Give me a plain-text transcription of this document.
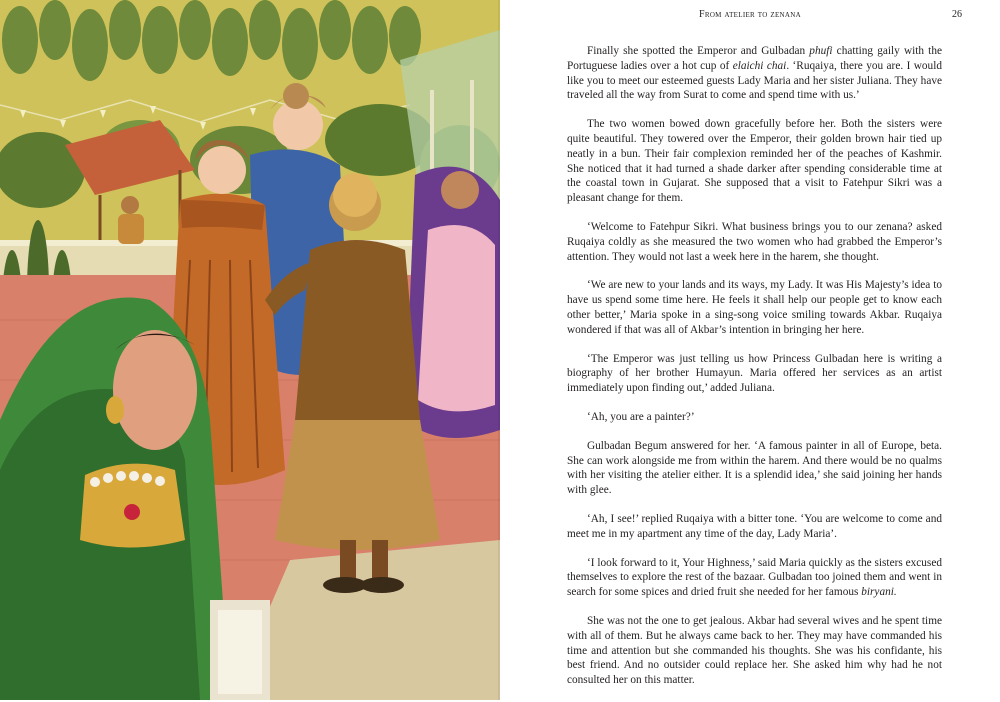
From atelier to zenana	26

Finally she spotted the Emperor and Gulbadan phufi chatting gaily with the Portuguese ladies over a hot cup of elaichi chai. ‘Ruqaiya, there you are. I would like you to meet our esteemed guests Lady Maria and her sister Juliana. They have traveled all the way from Surat to come and spend time with us.’

The two women bowed down gracefully before her. Both the sisters were quite beautiful. They towered over the Emperor, their golden brown hair tied up neatly in a bun. Their fair complexion reminded her of the peaches of Kashmir. She noticed that it had turned a shade darker after spending considerable time at the coastal town in Gujarat. She supposed that a visit to Fatehpur Sikri was a pleasant change for them.

‘Welcome to Fatehpur Sikri. What business brings you to our zenana? asked Ruqaiya coldly as she measured the two women who had grabbed the Emperor’s attention. They would not last a week here in the harem, she thought.

‘We are new to your lands and its ways, my Lady. It was His Majesty’s idea to have us spend some time here. He feels it shall help our people get to know each other better,’ Maria spoke in a sing-song voice smiling towards Akbar. Ruqaiya wondered if that was all of Akbar’s intention in bringing her here.

‘The Emperor was just telling us how Princess Gulbadan here is writing a biography of her brother Humayun. Maria offered her services as an artist immediately upon finding out,’ added Juliana.

‘Ah, you are a painter?’

Gulbadan Begum answered for her. ‘A famous painter in all of Europe, beta. She can work alongside me from within the harem. And there would be no qualms with her visiting the atelier either. It is a splendid idea,’ she said joining her hands with glee.

‘Ah, I see!’ replied Ruqaiya with a bitter tone. ‘You are welcome to come and meet me in my apartment any time of the day, Lady Maria’.

‘I look forward to it, Your Highness,’ said Maria quickly as the sisters excused themselves to explore the rest of the bazaar. Gulbadan too joined them and went in search for some spices and dried fruit she needed for her famous biryani.

She was not the one to get jealous. Akbar had several wives and he spent time with all of them. But he always came back to her. They may have commanded his time and attention but she commanded his thoughts. She was his confidante, his best friend. And no outsider could replace her. She asked him why had he not consulted her on this matter.
